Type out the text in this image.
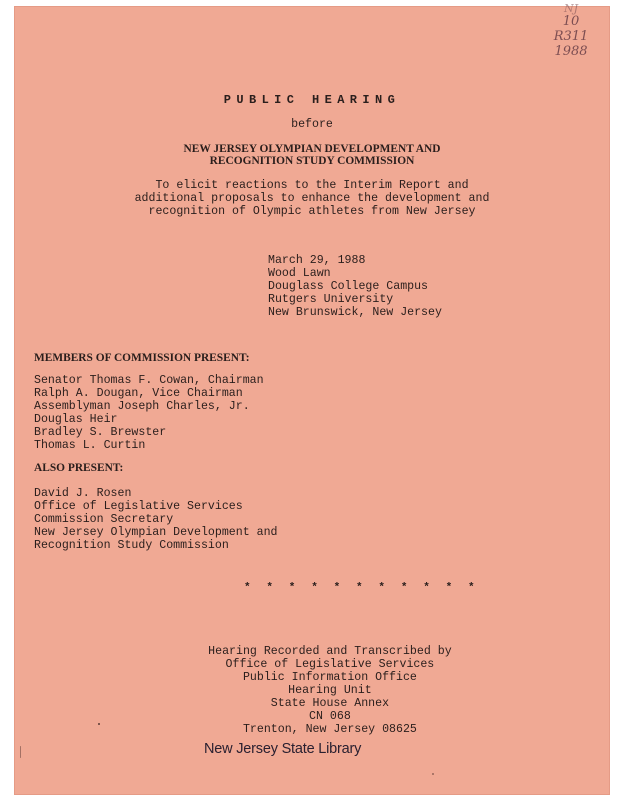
NJ
10
R311
1988
PUBLIC HEARING
before
NEW JERSEY OLYMPIAN DEVELOPMENT AND
RECOGNITION STUDY COMMISSION
To elicit reactions to the Interim Report and
additional proposals to enhance the development and
recognition of Olympic athletes from New Jersey
March 29, 1988
Wood Lawn
Douglass College Campus
Rutgers University
New Brunswick, New Jersey
MEMBERS OF COMMISSION PRESENT:
Senator Thomas F. Cowan, Chairman
Ralph A. Dougan, Vice Chairman
Assemblyman Joseph Charles, Jr.
Douglas Heir
Bradley S. Brewster
Thomas L. Curtin
ALSO PRESENT:
David J. Rosen
Office of Legislative Services
Commission Secretary
New Jersey Olympian Development and
Recognition Study Commission
* * * * * * * * * * *

Hearing Recorded and Transcribed by

Office of Legislative Services

Public Information Office

Hearing Unit

State House Annex

CN 068

Trenton, New Jersey 08625

New Jersey State Library
